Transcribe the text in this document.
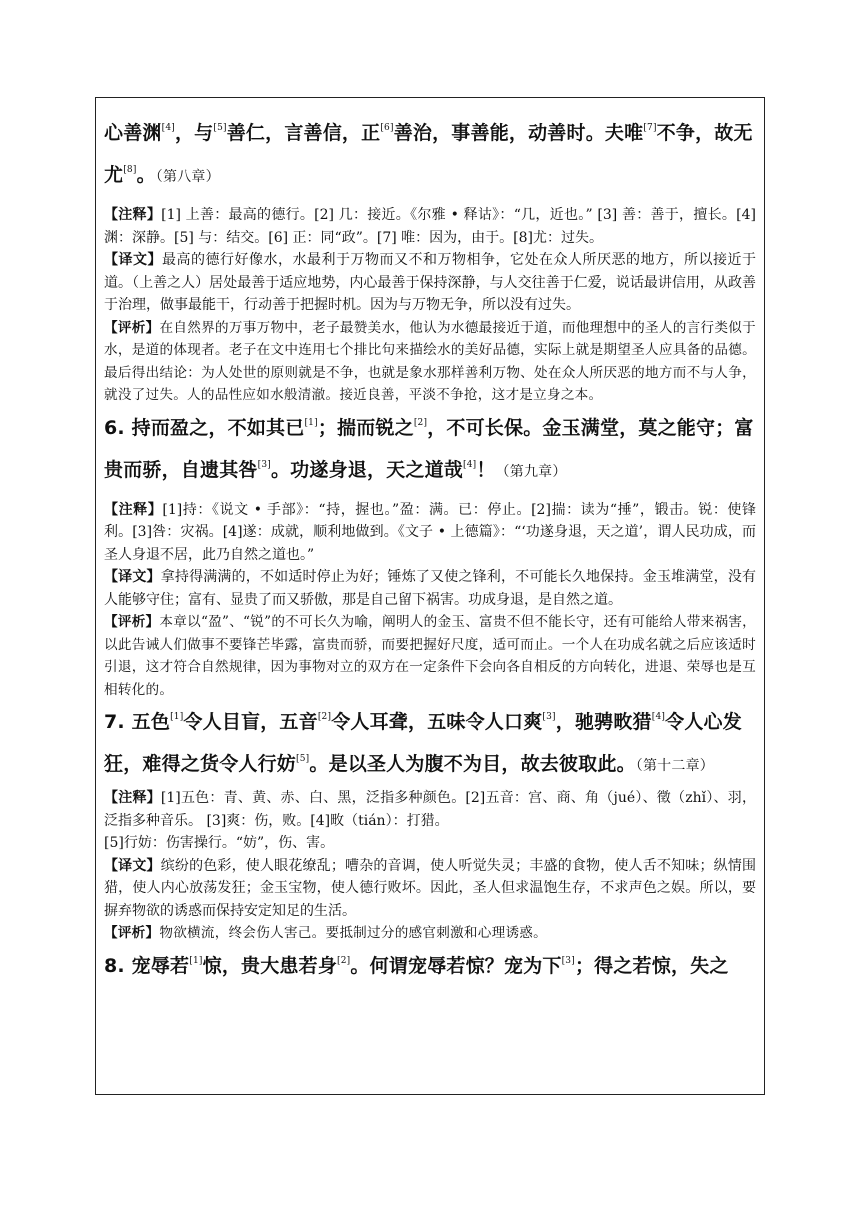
心善渊[4]，与[5]善仁，言善信，正[6]善治，事善能，动善时。夫唯[7]不争，故无尤[8]。（第八章）
【注释】[1] 上善：最高的德行。[2] 几：接近。《尔雅 • 释诂》：“几，近也。” [3] 善：善于，擅长。[4] 渊：深静。[5] 与：结交。[6] 正：同“政”。[7] 唯：因为，由于。[8]尤：过失。
【译文】最高的德行好像水，水最利于万物而又不和万物相争，它处在众人所厌恶的地方，所以接近于道。（上善之人）居处最善于适应地势，内心最善于保持深静，与人交往善于仁爱，说话最讲信用，从政善于治理，做事最能干，行动善于把握时机。因为与万物无争，所以没有过失。
【评析】在自然界的万事万物中，老子最赞美水，他认为水德最接近于道，而他理想中的圣人的言行类似于水，是道的体现者。老子在文中连用七个排比句来描绘水的美好品德，实际上就是期望圣人应具备的品德。最后得出结论：为人处世的原则就是不争，也就是象水那样善利万物、处在众人所厌恶的地方而不与人争，就没了过失。人的品性应如水般清澈。接近良善，平淡不争抢，这才是立身之本。
6. 持而盈之，不如其已[1]；揣而锐之[2]，不可长保。金玉满堂，莫之能守；富贵而骄，自遗其咎[3]。功遂身退，天之道哉[4]！（第九章）
【注释】[1]持：《说文 • 手部》：“持，握也。”盈：满。已：停止。[2]揣：读为“捶”，锻击。锐：使锋利。[3]咎：灾祸。[4]遂：成就，顺利地做到。《文子 • 上德篇》：“‘功遂身退，天之道’，谓人民功成，而圣人身退不居，此乃自然之道也。”
【译文】拿持得满满的，不如适时停止为好；锤炼了又使之锋利，不可能长久地保持。金玉堆满堂，没有人能够守住；富有、显贵了而又骄傲，那是自己留下祸害。功成身退，是自然之道。
【评析】本章以“盈”、“锐”的不可长久为喻，阐明人的金玉、富贵不但不能长守，还有可能给人带来祸害，以此告诫人们做事不要锋芒毕露，富贵而骄，而要把握好尺度，适可而止。一个人在功成名就之后应该适时引退，这才符合自然规律，因为事物对立的双方在一定条件下会向各自相反的方向转化，进退、荣辱也是互相转化的。
7. 五色[1]令人目盲，五音[2]令人耳聋，五味令人口爽[3]，驰骋畋猎[4]令人心发狂，难得之货令人行妨[5]。是以圣人为腹不为目，故去彼取此。（第十二章）
【注释】[1]五色：青、黄、赤、白、黑，泛指多种颜色。[2]五音：宫、商、角（jué）、徵（zhǐ）、羽，泛指多种音乐。 [3]爽：伤，败。[4]畋（tián）：打猎。
[5]行妨：伤害操行。“妨”，伤、害。
【译文】缤纷的色彩，使人眼花缭乱；嘈杂的音调，使人听觉失灵；丰盛的食物，使人舌不知味；纵情围猎，使人内心放荡发狂；金玉宝物，使人德行败坏。因此，圣人但求温饱生存，不求声色之娱。所以，要摒弃物欲的诱惑而保持安定知足的生活。
【评析】物欲横流，终会伤人害己。要抵制过分的感官刺激和心理诱惑。
8. 宠辱若[1]惊，贵大患若身[2]。何谓宠辱若惊？宠为下[3]；得之若惊，失之
